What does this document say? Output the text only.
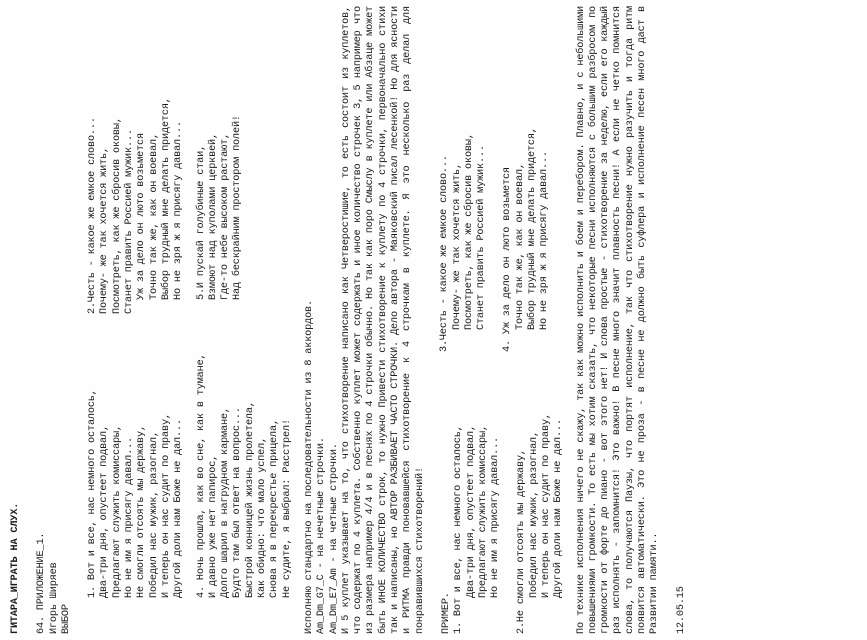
ГИТАРА_ИГРАТЬ НА СЛУХ. 64. ПРИЛОЖЕНИЕ_1. Игорь Ширяев ВЫБОР
1. Вот и все, нас немного осталось, Два-три дня, опустеет подвал, Предлагают служить комиссары, Но не им я присягу давал... Не смогли отсоять мы державу, Победил нас мужик, разогнал, И теперь он нас судит по праву, Другой доли нам Боже не дал... 4. Ночь прошла, как во сне, как в тумане, И давно уже нет папирос, Долго шарил в нагрудном кармане, Будто там был ответ на вопрос... Быстрой конницей жизнь пролетела, Как обидно: что мало успел, Снова я в перекрестье прицела, Не судите, я выбрал: Расстрел!
2.Честь - какое же емкое слово... Почему- же так хочется жить, Посмотреть, как же сбросив оковы, Станет править Россией мужик... Уж за дело он люто возьмется Точно так же, как он воевал, Выбор трудный мне делать придется, Но не зря ж я присягу давал... 5.И пускай голубиные стаи, Взмоют над куполами церквей, Где-то небе высоком растают, Над бескрайним простором полей!
Исполняю стандартно на последовательности из 8 аккордов. Am_Dm_G7_C - на нечетные строчки. Am_Dm_E7_Am - на четные строчки. И 5 куплет указывает на то, что стихотворение написано как Четверостишие, то есть состоит из куплетов, что содержат по 4 куплета. Собственно куплет может содержать и иное количество строчек 3, 5 например что из размера например 4/4 и в песнях по 4 строчки обычно. Но так как поро Смыслу в куплете или Абзаце может быть ИНОЕ КОЛИЧЕСТВО строк, то нужно Привести стихотворение к куплету по 4 строчки, первоначально стихи так и написаны, но АВТОР РАЗБИВАЕТ ЧАСТО СТРОЧКИ. Дело автора - Маяковский писал лесенкой! Но для ясности и РИТМА правди поновавшейся стихотворение к 4 строчкам в куплете. Я это несколько раз делал для понравившихся стихотворений! ПРИМЕР. 1. Вот и все, нас немного осталось, Два-три дня, опустеет подвал, Предлагают служить комиссары, Но не им я присягу давал... 2.Не смогли отсоять мы державу, Победил нас мужик, разогнал, И теперь он нас судит по праву, Другой доли нам Боже не дал...
3.Честь - какое же емкое слово... Почему- же так хочется жить, Посмотреть, как же сбросив оковы, Станет править Россией мужик... 4. Уж за дело он люто возьмется Точно так же, как он воевал, Выбор трудный мне делать придется, Но не зря ж я присягу давал... По технике исполнения ничего не скажу, так как можно исполнить и боем и перебором. Плавно, и с небольшими повышениями громкости. То есть мы хотим сказать, что некоторые песни исполняются с большим разбросом по громкости от форте до пиано - вот этого нет! И слова простые - стихотворение за неделю, если его каждый раз исполнять - запомнится! Это важно! В песне много значит плавность песни! А если не четко помнится слова, то получаются Паузы, что портят исполнение, так что стихотворение нужно разучить и тогда ритм появится автоматически. Это не проза - в песне не должно быть суфлера и исполнение песен много даст в Развитии памяти.. 12.05.15
